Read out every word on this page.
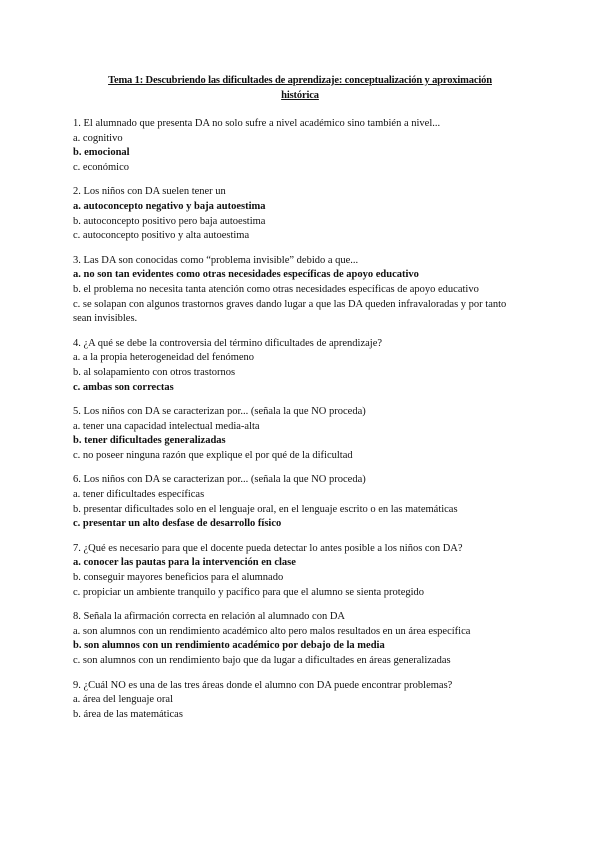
Tema 1: Descubriendo las dificultades de aprendizaje: conceptualización y aproximación histórica

1. El alumnado que presenta DA no solo sufre a nivel académico sino también a nivel...

a. cognitivo

b. emocional

c. económico

2. Los niños con DA suelen tener un

a. autoconcepto negativo y baja autoestima

b. autoconcepto positivo pero baja autoestima

c. autoconcepto positivo y alta autoestima

3. Las DA son conocidas como “problema invisible” debido a que...

a. no son tan evidentes como otras necesidades específicas de apoyo educativo

b. el problema no necesita tanta atención como otras necesidades específicas de apoyo educativo

c. se solapan con algunos trastornos graves dando lugar a que las DA queden infravaloradas y por tanto sean invisibles.

4. ¿A qué se debe la controversia del término dificultades de aprendizaje?

a. a la propia heterogeneidad del fenómeno

b. al solapamiento con otros trastornos

c. ambas son correctas

5. Los niños con DA se caracterizan por... (señala la que NO proceda)

a. tener una capacidad intelectual media-alta

b. tener dificultades generalizadas

c. no poseer ninguna razón que explique el por qué de la dificultad

6. Los niños con DA se caracterizan por... (señala la que NO proceda)

a. tener dificultades específicas

b. presentar dificultades solo en el lenguaje oral, en el lenguaje escrito o en las matemáticas

c. presentar un alto desfase de desarrollo físico

7. ¿Qué es necesario para que el docente pueda detectar lo antes posible a los niños con DA?

a. conocer las pautas para la intervención en clase

b. conseguir mayores beneficios para el alumnado

c. propiciar un ambiente tranquilo y pacífico para que el alumno se sienta protegido

8. Señala la afirmación correcta en relación al alumnado con DA

a. son alumnos con un rendimiento académico alto pero malos resultados en un área específica

b. son alumnos con un rendimiento académico por debajo de la media

c. son alumnos con un rendimiento bajo que da lugar a dificultades en áreas generalizadas

9. ¿Cuál NO es una de las tres áreas donde el alumno con DA puede encontrar problemas?

a. área del lenguaje oral

b. área de las matemáticas
